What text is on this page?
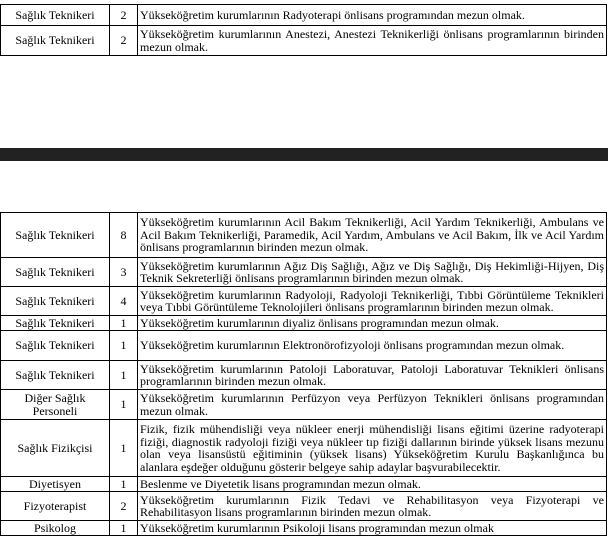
Sağlık Teknikeri	2	Yükseköğretim kurumlarının Radyoterapi önlisans programından mezun olmak.
Sağlık Teknikeri	2	Yükseköğretim kurumlarının Anestezi, Anestezi Teknikerliği önlisans programlarının birinden mezun olmak.
Sağlık Teknikeri	8	Yükseköğretim kurumlarının Acil Bakım Teknikerliği, Acil Yardım Teknikerliği, Ambulans ve Acil Bakım Teknikerliği, Paramedik, Acil Yardım, Ambulans ve Acil Bakım, İlk ve Acil Yardım önlisans programlarının birinden mezun olmak.
Sağlık Teknikeri	3	Yükseköğretim kurumlarının Ağız Diş Sağlığı, Ağız ve Diş Sağlığı, Diş Hekimliği-Hijyen, Diş Teknik Sekreterliği önlisans programlarının birinden mezun olmak.
Sağlık Teknikeri	4	Yükseköğretim kurumlarının Radyoloji, Radyoloji Teknikerliği, Tıbbi Görüntüleme Teknikleri veya Tıbbi Görüntüleme Teknolojileri önlisans programlarının birinden mezun olmak.
Sağlık Teknikeri	1	Yükseköğretim kurumlarının diyaliz önlisans programından mezun olmak.
Sağlık Teknikeri	1	Yükseköğretim kurumlarının Elektronörofizyoloji önlisans programından mezun olmak.
Sağlık Teknikeri	1	Yükseköğretim kurumlarının Patoloji Laboratuvar, Patoloji Laboratuvar Teknikleri önlisans programlarının birinden mezun olmak.
Diğer Sağlık Personeli	1	Yükseköğretim kurumlarının Perfüzyon veya Perfüzyon Teknikleri önlisans programından mezun olmak.
Sağlık Fizikçisi	1	Fizik, fizik mühendisliği veya nükleer enerji mühendisliği lisans eğitimi üzerine radyoterapi fiziği, diagnostik radyoloji fiziği veya nükleer tıp fiziği dallarının birinde yüksek lisans mezunu olan veya lisansüstü eğitiminin (yüksek lisans) Yükseköğretim Kurulu Başkanlığınca bu alanlara eşdeğer olduğunu gösterir belgeye sahip adaylar başvurabilecektir.
Diyetisyen	1	Beslenme ve Diyetetik lisans programından mezun olmak.
Fizyoterapist	2	Yükseköğretim kurumlarının Fizik Tedavi ve Rehabilitasyon veya Fizyoterapi ve Rehabilitasyon lisans programlarının birinden mezun olmak.
Psikolog	1	Yükseköğretim kurumlarının Psikoloji lisans programından mezun olmak
